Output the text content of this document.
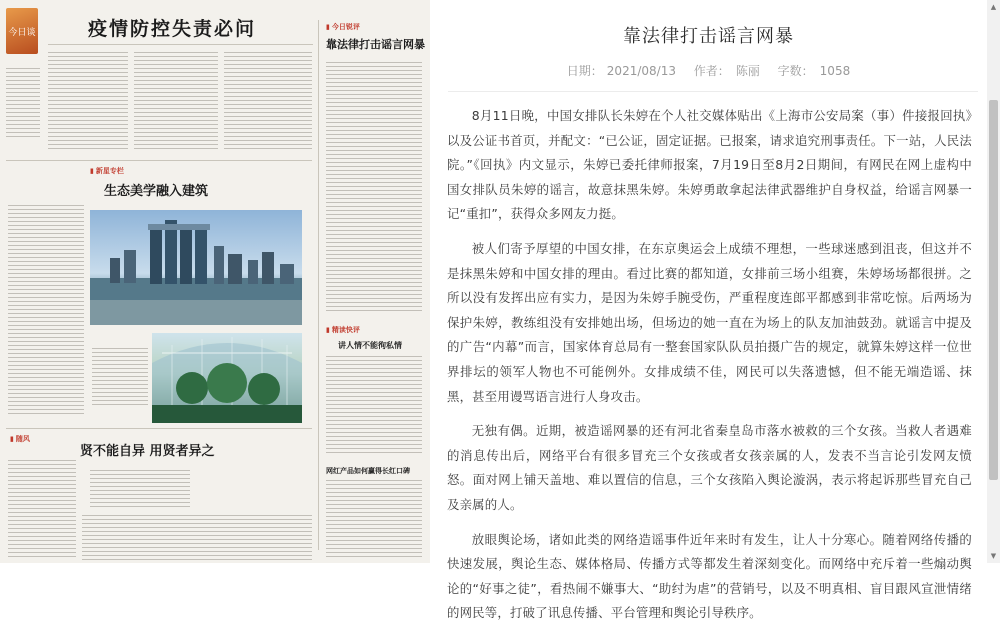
今日谈	疫情防控失责必问
▮	今日锐评
靠法律打击谣言网暴
▮ 新星专栏
生态美学融入建筑
▮ 精读快评
讲人情不能徇私情
▮ 随风
贤不能自异 用贤者异之
网红产品如何赢得长红口碑
靠法律打击谣言网暴
日期： 2021/08/13 作者： 陈丽 字数： 1058

8月11日晚，中国女排队长朱婷在个人社交媒体贴出《上海市公安局案（事）件接报回执》以及公证书首页，并配文：“已公证，固定证据。已报案，请求追究刑事责任。下一站，人民法院。”《回执》内文显示，朱婷已委托律师报案，7月19日至8月2日期间，有网民在网上虚构中国女排队员朱婷的谣言，故意抹黑朱婷。朱婷勇敢拿起法律武器维护自身权益，给谣言网暴一记“重扣”，获得众多网友力挺。

被人们寄予厚望的中国女排，在东京奥运会上成绩不理想，一些球迷感到沮丧，但这并不是抹黑朱婷和中国女排的理由。看过比赛的都知道，女排前三场小组赛，朱婷场场都很拼。之所以没有发挥出应有实力，是因为朱婷手腕受伤，严重程度连郎平都感到非常吃惊。后两场为保护朱婷，教练组没有安排她出场，但场边的她一直在为场上的队友加油鼓劲。就谣言中提及的广告“内幕”而言，国家体育总局有一整套国家队队员拍摄广告的规定，就算朱婷这样一位世界排坛的领军人物也不可能例外。女排成绩不佳，网民可以失落遗憾，但不能无端造谣、抹黑，甚至用谩骂语言进行人身攻击。

无独有偶。近期，被造谣网暴的还有河北省秦皇岛市落水被救的三个女孩。当救人者遇难的消息传出后，网络平台有很多冒充三个女孩或者女孩亲属的人，发表不当言论引发网友愤怒。面对网上铺天盖地、难以置信的信息，三个女孩陷入舆论漩涡，表示将起诉那些冒充自己及亲属的人。

放眼舆论场，诸如此类的网络造谣事件近年来时有发生，让人十分寒心。随着网络传播的快速发展，舆论生态、媒体格局、传播方式等都发生着深刻变化。而网络中充斥着一些煽动舆论的“好事之徒”，看热闹不嫌事大、“助纣为虐”的营销号，以及不明真相、盲目跟风宣泄情绪的网民等，打破了讯息传播、平台管理和舆论引导秩序。

▲
▼
